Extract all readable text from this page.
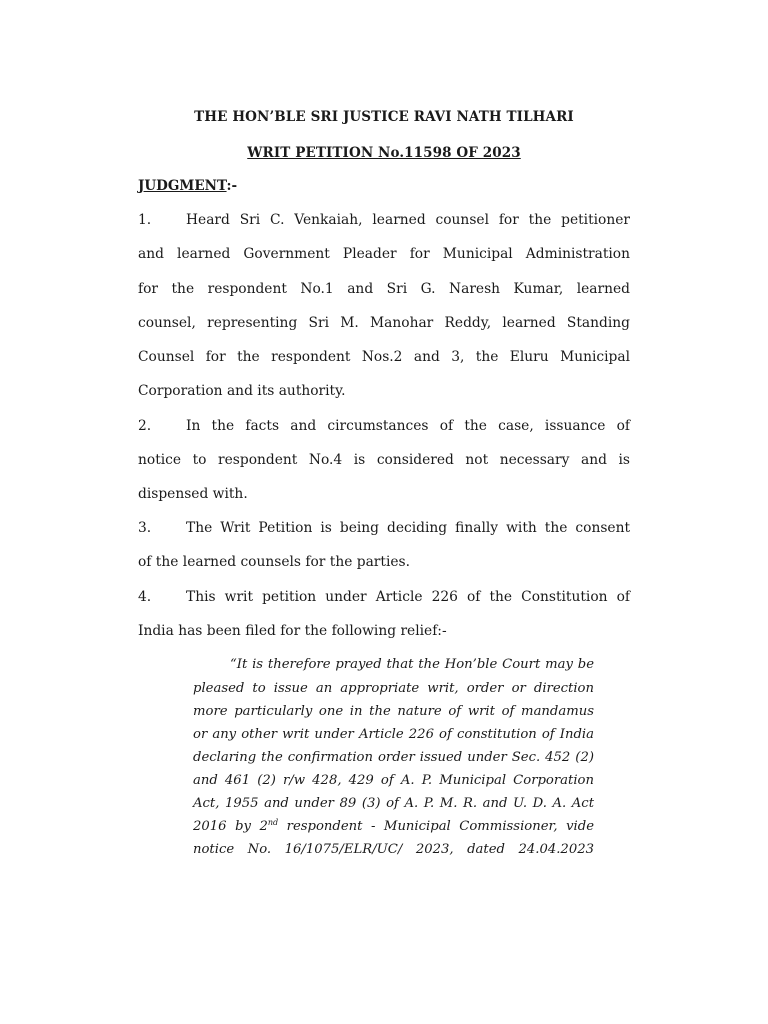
THE HON’BLE SRI JUSTICE RAVI NATH TILHARI
WRIT PETITION No.11598 OF 2023
JUDGMENT:-
1.	Heard Sri C. Venkaiah, learned counsel for the petitioner
and learned Government Pleader for Municipal Administration
for the respondent No.1 and Sri G. Naresh Kumar, learned
counsel, representing Sri M. Manohar Reddy, learned Standing
Counsel for the respondent Nos.2 and 3, the Eluru Municipal
Corporation and its authority.
2.	In the facts and circumstances of the case, issuance of
notice to respondent No.4 is considered not necessary and is
dispensed with.
3.	The Writ Petition is being deciding finally with the consent
of the learned counsels for the parties.
4.	This writ petition under Article 226 of the Constitution of
India has been filed for the following relief:-
“It is therefore prayed that the Hon’ble Court may be
pleased to issue an appropriate writ, order or direction
more particularly one in the nature of writ of mandamus
or any other writ under Article 226 of constitution of India
declaring the confirmation order issued under Sec. 452 (2)
and 461 (2) r/w 428, 429 of A. P. Municipal Corporation
Act, 1955 and under 89 (3) of A. P. M. R. and U. D. A. Act
2016 by 2nd respondent - Municipal Commissioner, vide
notice No. 16/1075/ELR/UC/ 2023, dated 24.04.2023
